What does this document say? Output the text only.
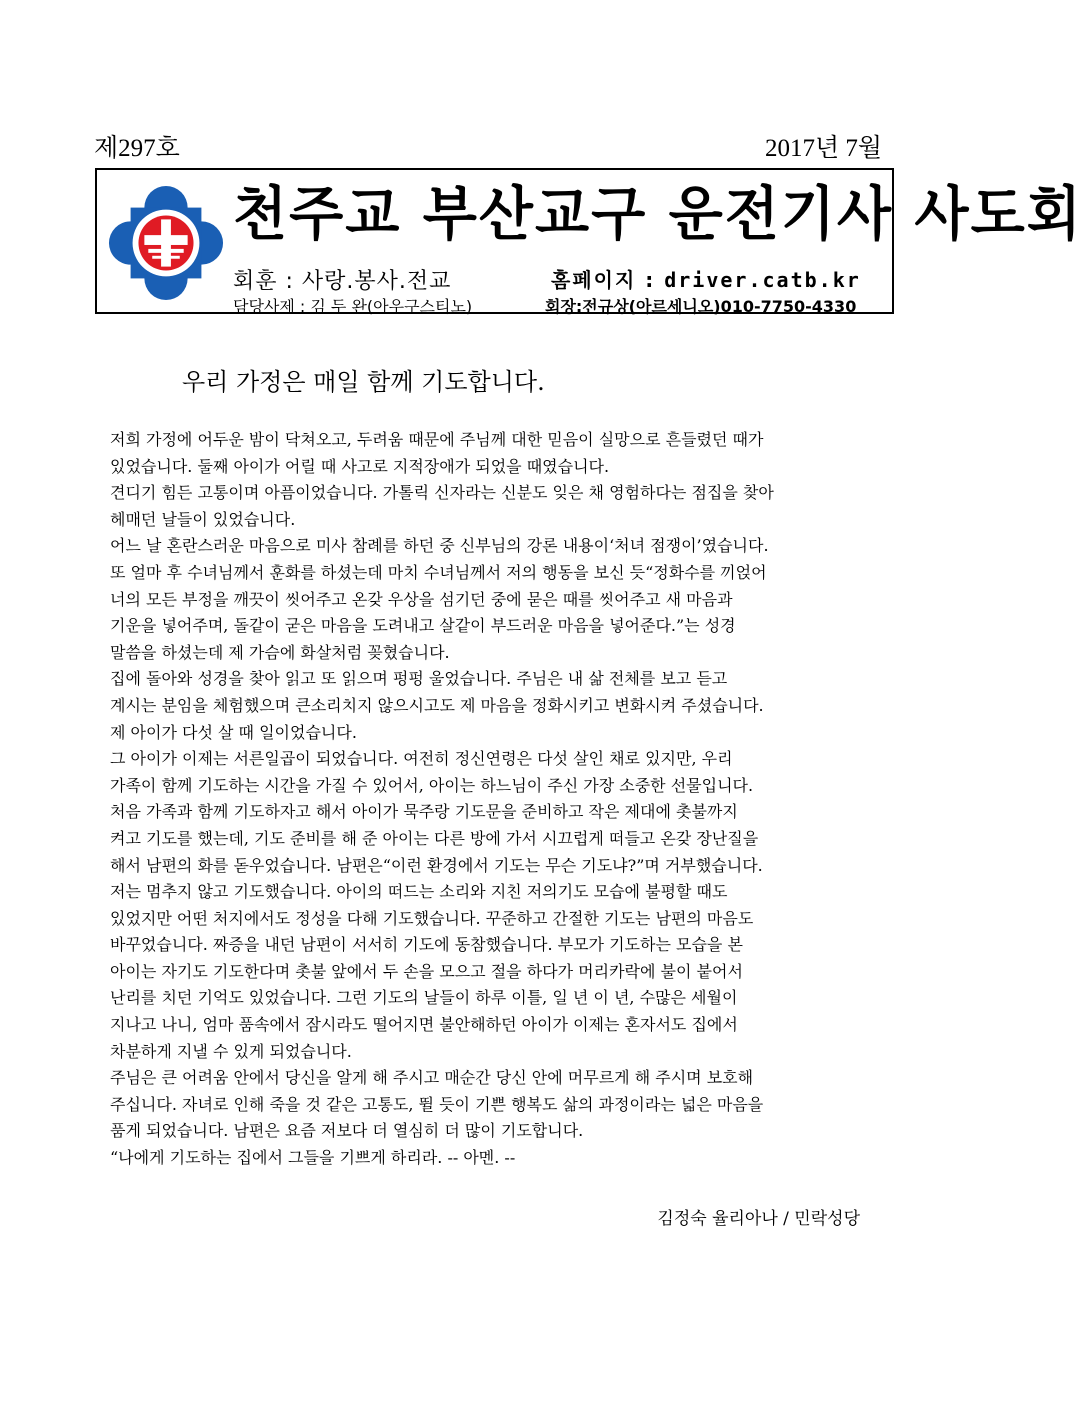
제297호	2017년 7월
천주교 부산교구 운전기사 사도회
회훈 : 사랑.봉사.전교	홈페이지 : driver.catb.kr
담당사제 : 김 두 완(아우구스티노)	회장:전규상(아르세니오)010-7750-4330
우리 가정은 매일 함께 기도합니다.
저희 가정에 어두운 밤이 닥쳐오고, 두려움 때문에 주님께 대한 믿음이 실망으로 흔들렸던 때가
있었습니다. 둘째 아이가 어릴 때 사고로 지적장애가 되었을 때였습니다.
견디기 힘든 고통이며 아픔이었습니다. 가톨릭 신자라는 신분도 잊은 채 영험하다는 점집을 찾아
헤매던 날들이 있었습니다.
어느 날 혼란스러운 마음으로 미사 참례를 하던 중 신부님의 강론 내용이‘처녀 점쟁이’였습니다.
또 얼마 후 수녀님께서 훈화를 하셨는데 마치 수녀님께서 저의 행동을 보신 듯“정화수를 끼얹어
너의 모든 부정을 깨끗이 씻어주고 온갖 우상을 섬기던 중에 묻은 때를 씻어주고 새 마음과
기운을 넣어주며, 돌같이 굳은 마음을 도려내고 살같이 부드러운 마음을 넣어준다.”는 성경
말씀을 하셨는데 제 가슴에 화살처럼 꽂혔습니다.
집에 돌아와 성경을 찾아 읽고 또 읽으며 펑펑 울었습니다. 주님은 내 삶 전체를 보고 듣고
계시는 분임을 체험했으며 큰소리치지 않으시고도 제 마음을 정화시키고 변화시켜 주셨습니다.
제 아이가 다섯 살 때 일이었습니다.
그 아이가 이제는 서른일곱이 되었습니다. 여전히 정신연령은 다섯 살인 채로 있지만, 우리
가족이 함께 기도하는 시간을 가질 수 있어서, 아이는 하느님이 주신 가장 소중한 선물입니다.
처음 가족과 함께 기도하자고 해서 아이가 묵주랑 기도문을 준비하고 작은 제대에 촛불까지
켜고 기도를 했는데, 기도 준비를 해 준 아이는 다른 방에 가서 시끄럽게 떠들고 온갖 장난질을
해서 남편의 화를 돋우었습니다. 남편은“이런 환경에서 기도는 무슨 기도냐?”며 거부했습니다.
저는 멈추지 않고 기도했습니다. 아이의 떠드는 소리와 지친 저의기도 모습에 불평할 때도
있었지만 어떤 처지에서도 정성을 다해 기도했습니다. 꾸준하고 간절한 기도는 남편의 마음도
바꾸었습니다. 짜증을 내던 남편이 서서히 기도에 동참했습니다. 부모가 기도하는 모습을 본
아이는 자기도 기도한다며 촛불 앞에서 두 손을 모으고 절을 하다가 머리카락에 불이 붙어서
난리를 치던 기억도 있었습니다. 그런 기도의 날들이 하루 이틀, 일 년 이 년, 수많은 세월이
지나고 나니, 엄마 품속에서 잠시라도 떨어지면 불안해하던 아이가 이제는 혼자서도 집에서
차분하게 지낼 수 있게 되었습니다.
주님은 큰 어려움 안에서 당신을 알게 해 주시고 매순간 당신 안에 머무르게 해 주시며 보호해
주십니다. 자녀로 인해 죽을 것 같은 고통도, 뛸 듯이 기쁜 행복도 삶의 과정이라는 넓은 마음을
품게 되었습니다. 남편은 요즘 저보다 더 열심히 더 많이 기도합니다.
“나에게 기도하는 집에서 그들을 기쁘게 하리라. -- 아멘. --
김정숙 율리아나 / 민락성당
